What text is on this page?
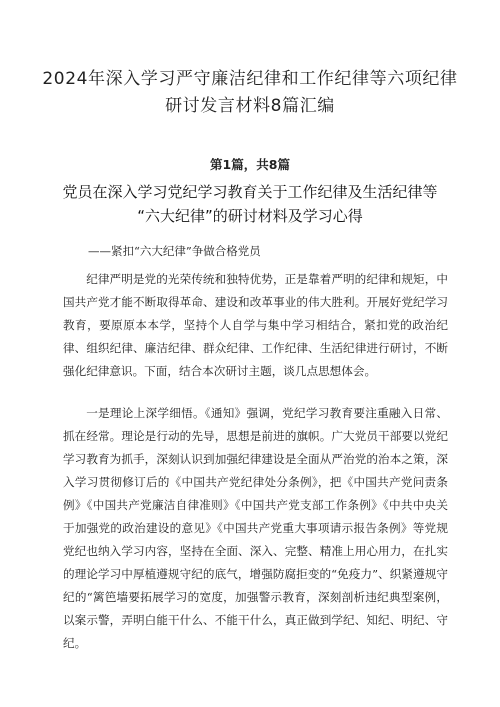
2024年深入学习严守廉洁纪律和工作纪律等六项纪律研讨发言材料8篇汇编
第1篇，共8篇
党员在深入学习党纪学习教育关于工作纪律及生活纪律等
“六大纪律”的研讨材料及学习心得
——紧扣“六大纪律”争做合格党员

纪律严明是党的光荣传统和独特优势，正是靠着严明的纪律和规矩，中国共产党才能不断取得革命、建设和改革事业的伟大胜利。开展好党纪学习教育，要原原本本学，坚持个人自学与集中学习相结合，紧扣党的政治纪律、组织纪律、廉洁纪律、群众纪律、工作纪律、生活纪律进行研讨，不断强化纪律意识。下面，结合本次研讨主题，谈几点思想体会。

一是理论上深学细悟。《通知》强调，党纪学习教育要注重融入日常、抓在经常。理论是行动的先导，思想是前进的旗帜。广大党员干部要以党纪学习教育为抓手，深刻认识到加强纪律建设是全面从严治党的治本之策，深入学习贯彻修订后的《中国共产党纪律处分条例》，把《中国共产党问责条例》《中国共产党廉洁自律准则》《中国共产党支部工作条例》《中共中央关于加强党的政治建设的意见》《中国共产党重大事项请示报告条例》等党规党纪也纳入学习内容，坚持在全面、深入、完整、精准上用心用力，在扎实的理论学习中厚植遵规守纪的底气，增强防腐拒变的“免疫力”、织紧遵规守纪的“篱笆墙要拓展学习的宽度，加强警示教育，深刻剖析违纪典型案例，以案示警，弄明白能干什么、不能干什么，真正做到学纪、知纪、明纪、守纪。
